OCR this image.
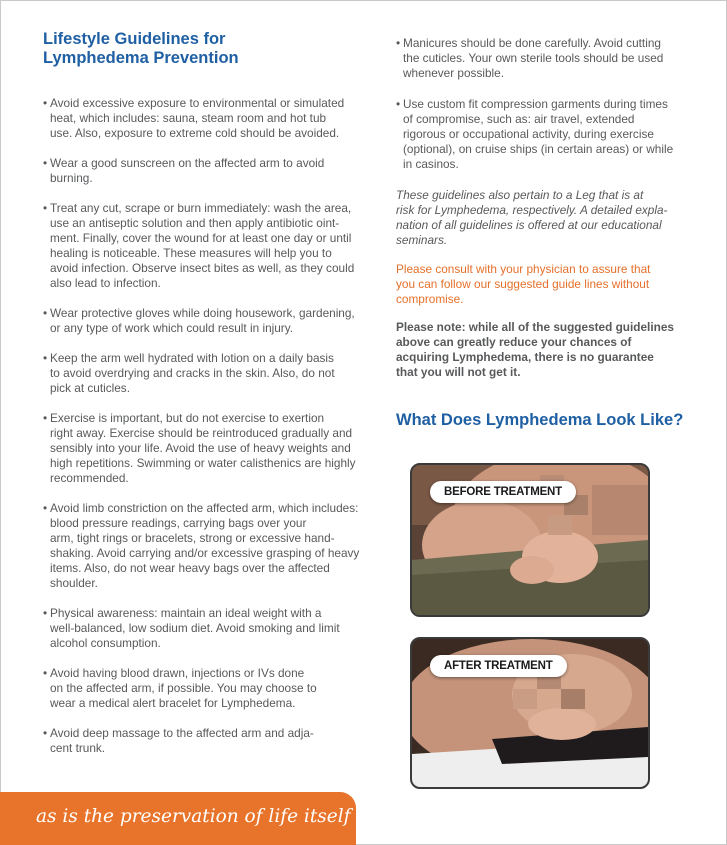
Lifestyle Guidelines for
Lymphedema Prevention

• Avoid excessive exposure to environmental or simulated
heat, which includes: sauna, steam room and hot tub
use. Also, exposure to extreme cold should be avoided.

• Wear a good sunscreen on the affected arm to avoid
burning.

• Treat any cut, scrape or burn immediately: wash the area,
use an antiseptic solution and then apply antibiotic oint-
ment. Finally, cover the wound for at least one day or until
healing is noticeable. These measures will help you to
avoid infection. Observe insect bites as well, as they could
also lead to infection.

• Wear protective gloves while doing housework, gardening,
or any type of work which could result in injury.

• Keep the arm well hydrated with lotion on a daily basis
to avoid overdrying and cracks in the skin. Also, do not
pick at cuticles.

• Exercise is important, but do not exercise to exertion
right away. Exercise should be reintroduced gradually and
sensibly into your life. Avoid the use of heavy weights and
high repetitions. Swimming or water calisthenics are highly
recommended.

• Avoid limb constriction on the affected arm, which includes:
blood pressure readings, carrying bags over your
arm, tight rings or bracelets, strong or excessive hand-
shaking. Avoid carrying and/or excessive grasping of heavy
items. Also, do not wear heavy bags over the affected
shoulder.

• Physical awareness: maintain an ideal weight with a
well-balanced, low sodium diet. Avoid smoking and limit
alcohol consumption.

• Avoid having blood drawn, injections or IVs done
on the affected arm, if possible. You may choose to
wear a medical alert bracelet for Lymphedema.

• Avoid deep massage to the affected arm and adja-
cent trunk.

• Manicures should be done carefully. Avoid cutting
the cuticles. Your own sterile tools should be used
whenever possible.

• Use custom fit compression garments during times
of compromise, such as: air travel, extended
rigorous or occupational activity, during exercise
(optional), on cruise ships (in certain areas) or while
in casinos.

These guidelines also pertain to a Leg that is at
risk for Lymphedema, respectively. A detailed expla-
nation of all guidelines is offered at our educational
seminars.

Please consult with your physician to assure that
you can follow our suggested guide lines without
compromise.

Please note: while all of the suggested guidelines
above can greatly reduce your chances of
acquiring Lymphedema, there is no guarantee
that you will not get it.

What Does Lymphedema Look Like?
BEFORE TREATMENT
AFTER TREATMENT

as is the preservation of life itself
